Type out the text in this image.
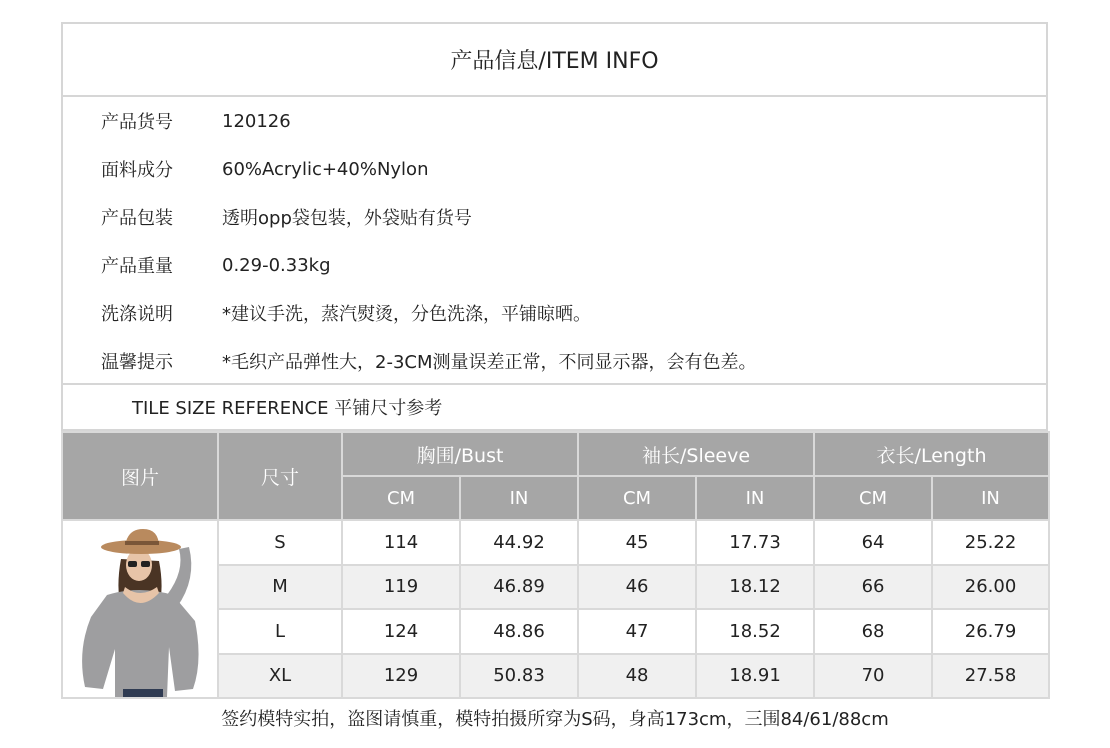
产品信息/ITEM INFO
产品货号	120126
面料成分	60%Acrylic+40%Nylon
产品包装	透明opp袋包装，外袋贴有货号
产品重量	0.29-0.33kg
洗涤说明	*建议手洗，蒸汽熨烫，分色洗涤，平铺晾晒。
温馨提示	*毛织产品弹性大，2-3CM测量误差正常，不同显示器，会有色差。
TILE SIZE REFERENCE 平铺尺寸参考
图片	尺寸	胸围/Bust		袖长/Sleeve		衣长/Length	
		CM	IN	CM	IN	CM	IN

	S	114	44.92	45	17.73	64	25.22
	M	119	46.89	46	18.12	66	26.00
	L	124	48.86	47	18.52	68	26.79
	XL	129	50.83	48	18.91	70	27.58
签约模特实拍，盗图请慎重，模特拍摄所穿为S码，身高173cm，三围84/61/88cm
